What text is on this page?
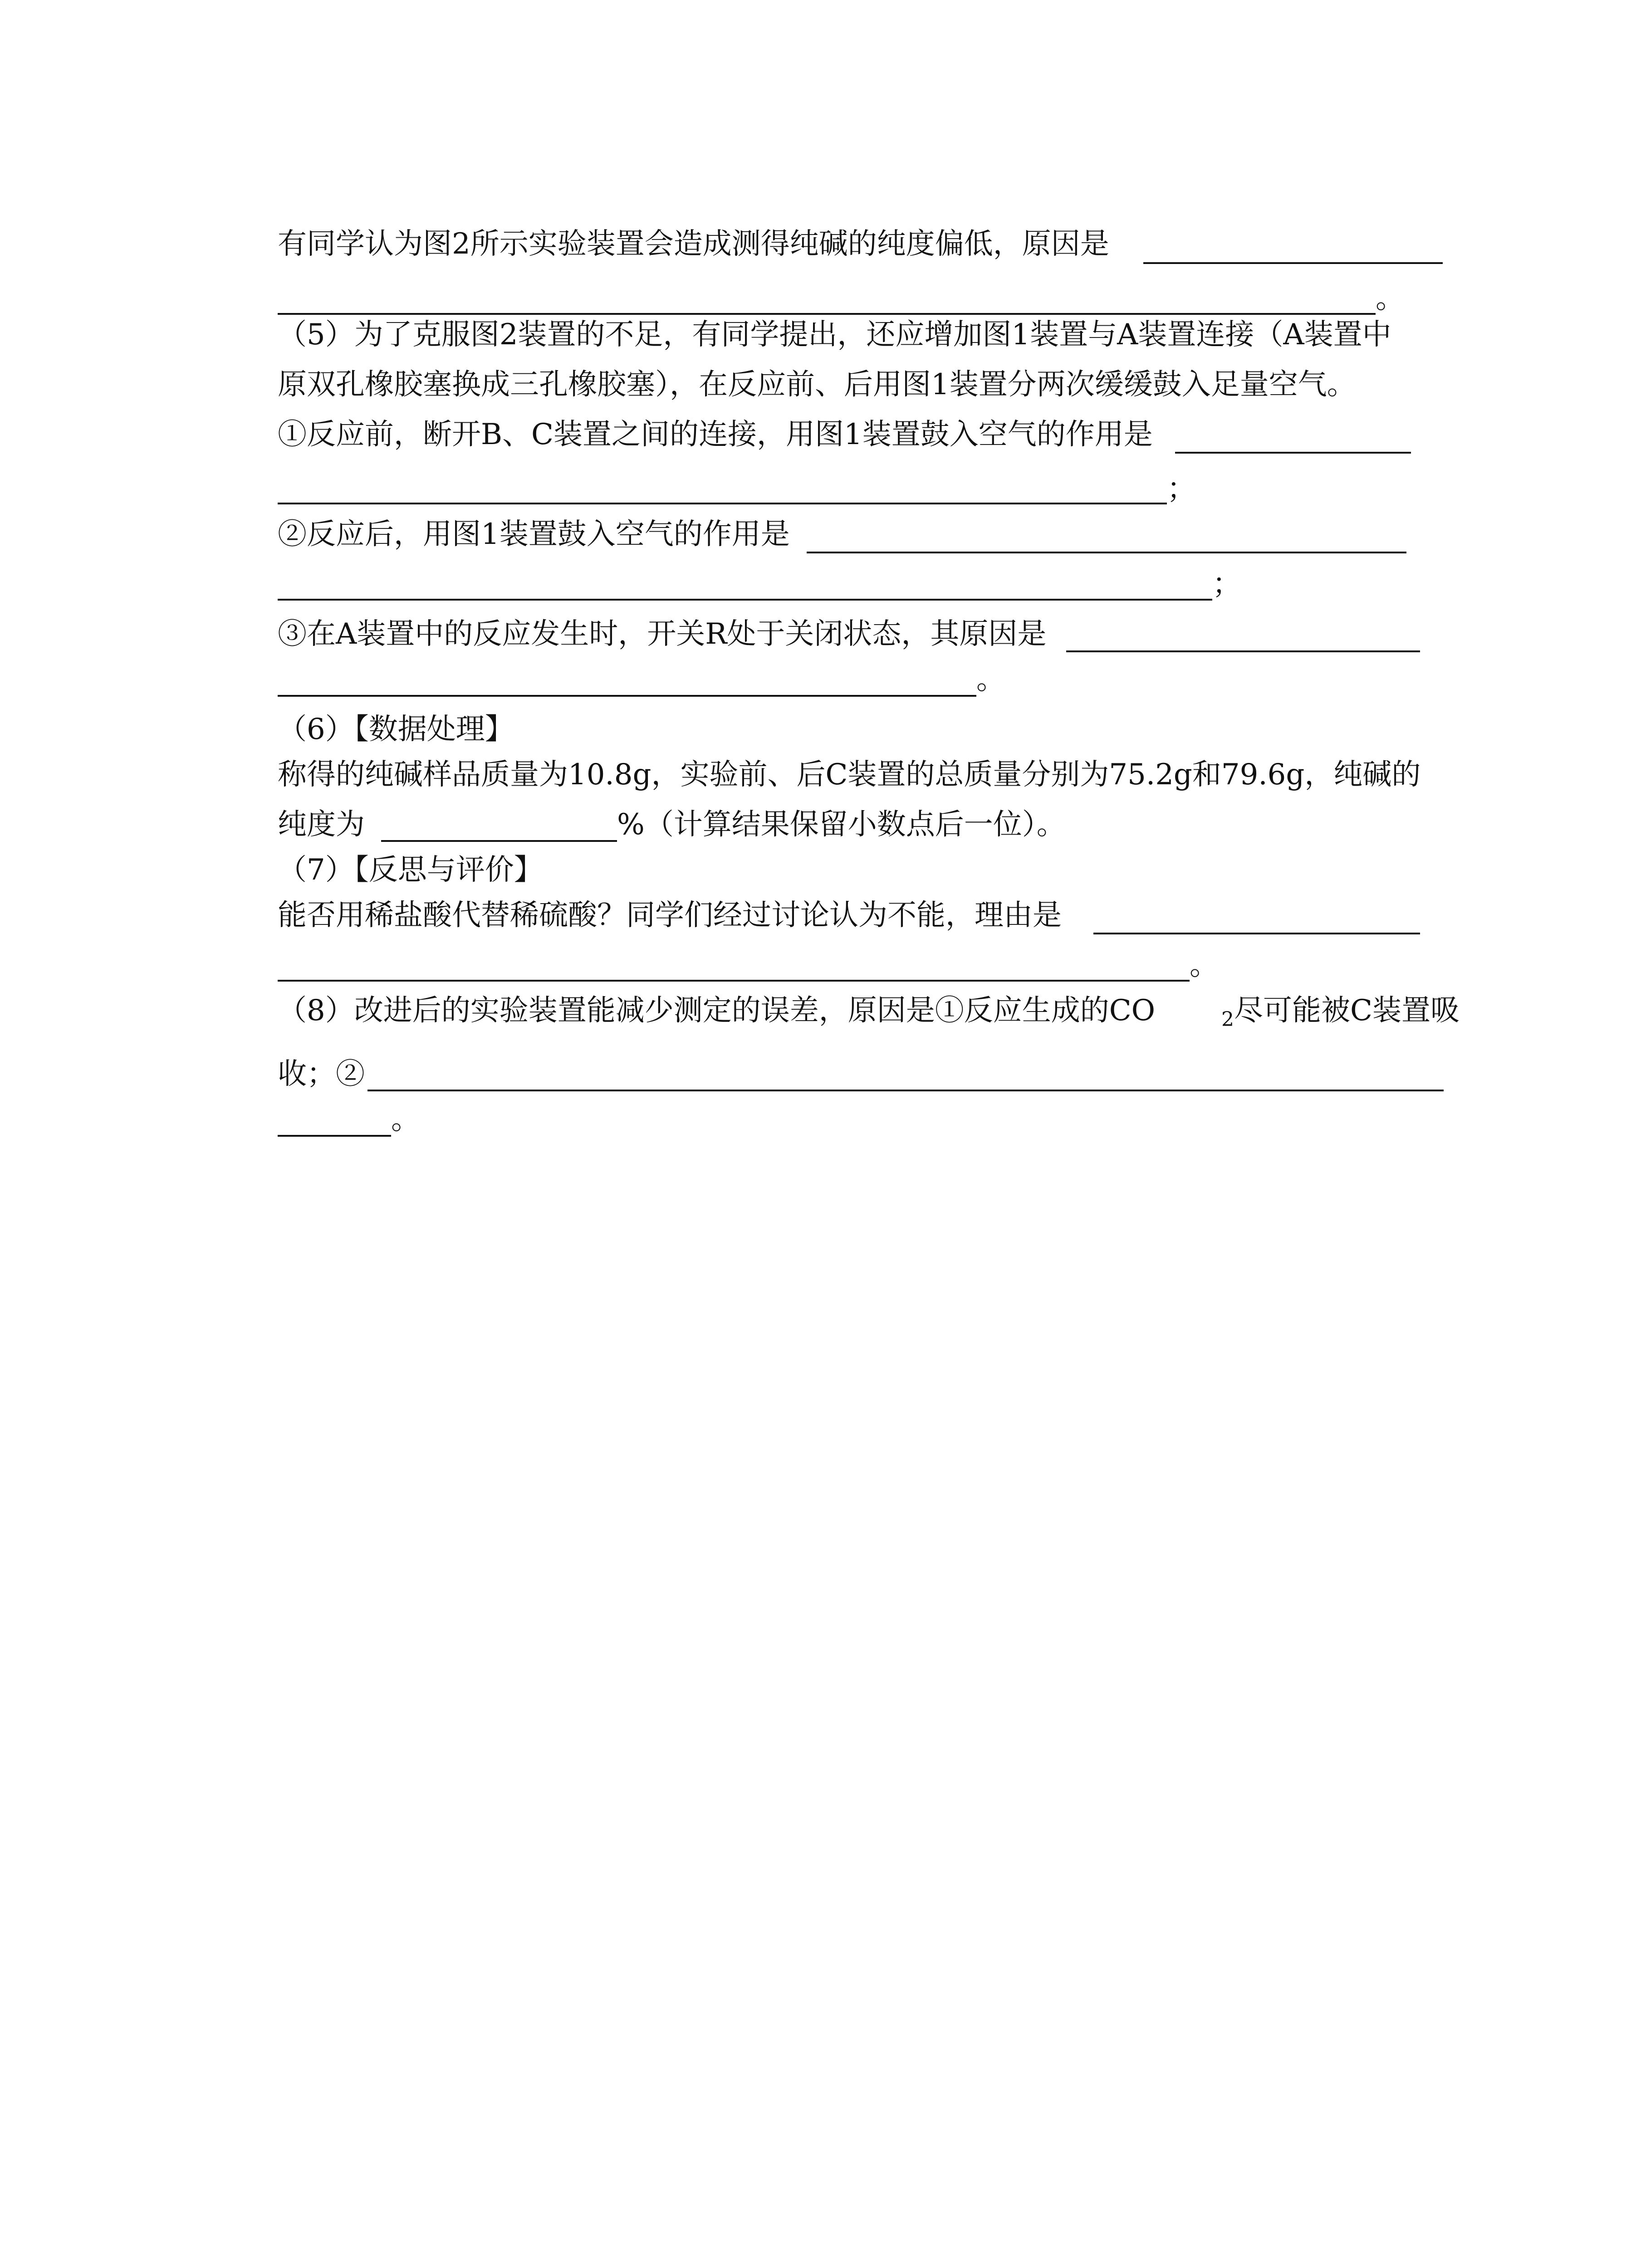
有同学认为图2所示实验装置会造成测得纯碱的纯度偏低，原因是
。
（5）为了克服图2装置的不足，有同学提出，还应增加图1装置与A装置连接（A装置中
原双孔橡胶塞换成三孔橡胶塞），在反应前、后用图1装置分两次缓缓鼓入足量空气。
①反应前，断开B、C装置之间的连接，用图1装置鼓入空气的作用是
；
②反应后，用图1装置鼓入空气的作用是
；
③在A装置中的反应发生时，开关R处于关闭状态，其原因是
。
（6）【数据处理】
称得的纯碱样品质量为10.8g，实验前、后C装置的总质量分别为75.2g和79.6g，纯碱的
纯度为	%（计算结果保留小数点后一位）。
（7）【反思与评价】
能否用稀盐酸代替稀硫酸？同学们经过讨论认为不能，理由是
。
（8）改进后的实验装置能减少测定的误差，原因是①反应生成的CO	2 尽可能被C装置吸
收；②
。
